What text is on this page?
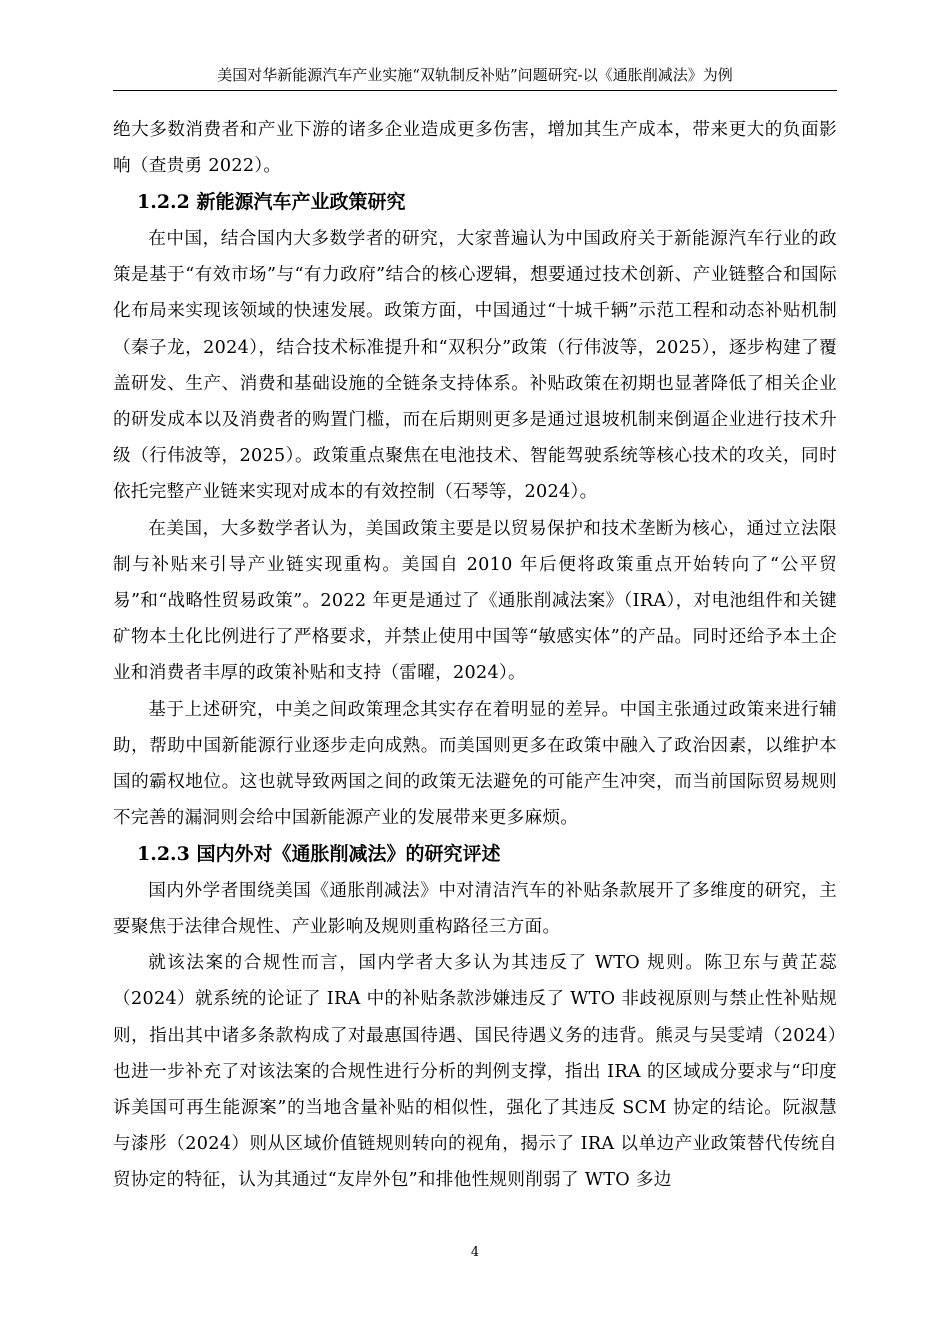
美国对华新能源汽车产业实施“双轨制反补贴”问题研究-以《通胀削减法》为例

绝大多数消费者和产业下游的诸多企业造成更多伤害，增加其生产成本，带来更大的负面影响（查贵勇 2022）。

1.2.2 新能源汽车产业政策研究

在中国，结合国内大多数学者的研究，大家普遍认为中国政府关于新能源汽车行业的政策是基于“有效市场”与“有力政府”结合的核心逻辑，想要通过技术创新、产业链整合和国际化布局来实现该领域的快速发展。政策方面，中国通过“十城千辆”示范工程和动态补贴机制（秦子龙，2024），结合技术标准提升和“双积分”政策（行伟波等，2025），逐步构建了覆盖研发、生产、消费和基础设施的全链条支持体系。补贴政策在初期也显著降低了相关企业的研发成本以及消费者的购置门槛，而在后期则更多是通过退坡机制来倒逼企业进行技术升级（行伟波等，2025）。政策重点聚焦在电池技术、智能驾驶系统等核心技术的攻关，同时依托完整产业链来实现对成本的有效控制（石琴等，2024）。

在美国，大多数学者认为，美国政策主要是以贸易保护和技术垄断为核心，通过立法限制与补贴来引导产业链实现重构。美国自 2010 年后便将政策重点开始转向了“公平贸易”和“战略性贸易政策”。2022 年更是通过了《通胀削减法案》（IRA），对电池组件和关键矿物本土化比例进行了严格要求，并禁止使用中国等“敏感实体”的产品。同时还给予本土企业和消费者丰厚的政策补贴和支持（雷曜，2024）。

基于上述研究，中美之间政策理念其实存在着明显的差异。中国主张通过政策来进行辅助，帮助中国新能源行业逐步走向成熟。而美国则更多在政策中融入了政治因素，以维护本国的霸权地位。这也就导致两国之间的政策无法避免的可能产生冲突，而当前国际贸易规则不完善的漏洞则会给中国新能源产业的发展带来更多麻烦。

1.2.3 国内外对《通胀削减法》的研究评述

国内外学者围绕美国《通胀削减法》中对清洁汽车的补贴条款展开了多维度的研究，主要聚焦于法律合规性、产业影响及规则重构路径三方面。

就该法案的合规性而言，国内学者大多认为其违反了 WTO 规则。陈卫东与黄芷蕊（2024）就系统的论证了 IRA 中的补贴条款涉嫌违反了 WTO 非歧视原则与禁止性补贴规则，指出其中诸多条款构成了对最惠国待遇、国民待遇义务的违背。熊灵与吴雯靖（2024）也进一步补充了对该法案的合规性进行分析的判例支撑，指出 IRA 的区域成分要求与“印度诉美国可再生能源案”的当地含量补贴的相似性，强化了其违反 SCM 协定的结论。阮淑慧与漆彤（2024）则从区域价值链规则转向的视角，揭示了 IRA 以单边产业政策替代传统自贸协定的特征，认为其通过“友岸外包”和排他性规则削弱了 WTO 多边

4
